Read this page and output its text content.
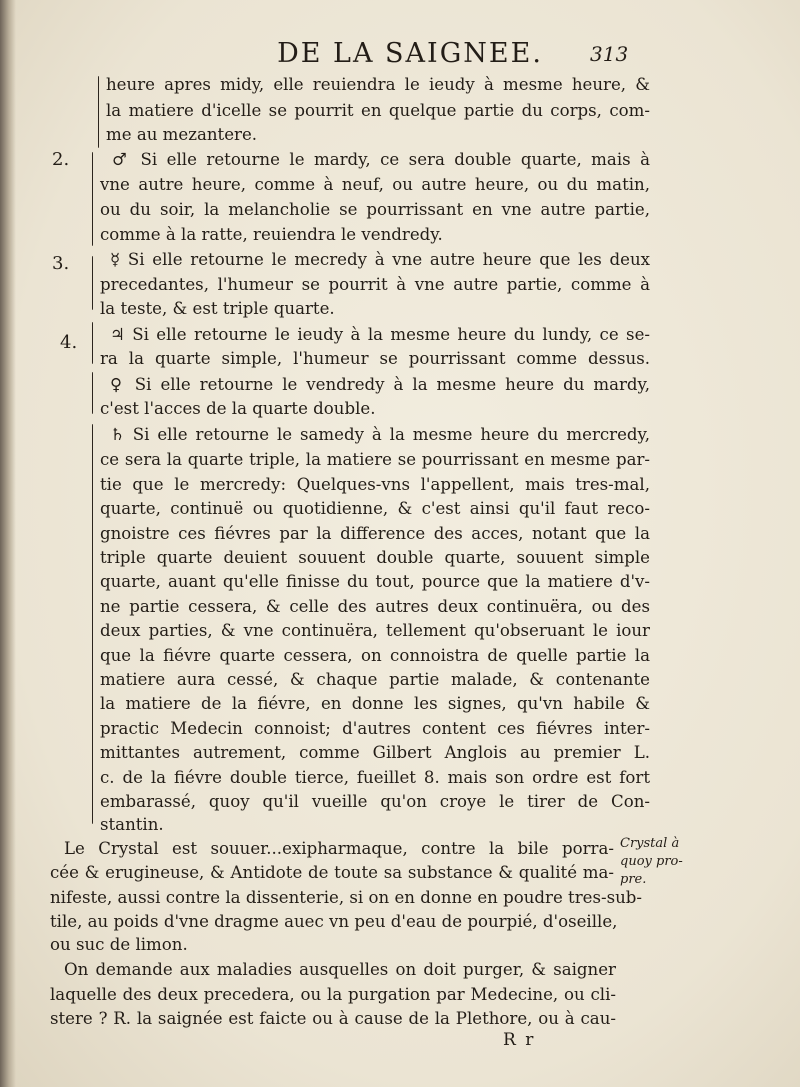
DE LA SAIGNEE.	313
2.
3.
4.
heure apres midy, elle reuiendra le ieudy à mesme heure, &
la matiere d'icelle se pourrit en quelque partie du corps, com-
me au mezantere.
♂ Si elle retourne le mardy, ce sera double quarte, mais à
vne autre heure, comme à neuf, ou autre heure, ou du matin,
ou du soir, la melancholie se pourrissant en vne autre partie,
comme à la ratte, reuiendra le vendredy.
☿ Si elle retourne le mecredy à vne autre heure que les deux
precedantes, l'humeur se pourrit à vne autre partie, comme à
la teste, & est triple quarte.
♃ Si elle retourne le ieudy à la mesme heure du lundy, ce se-
ra la quarte simple, l'humeur se pourrissant comme dessus.
♀ Si elle retourne le vendredy à la mesme heure du mardy,
c'est l'acces de la quarte double.
♄ Si elle retourne le samedy à la mesme heure du mercredy,
ce sera la quarte triple, la matiere se pourrissant en mesme par-
tie que le mercredy: Quelques-vns l'appellent, mais tres-mal,
quarte, continuë ou quotidienne, & c'est ainsi qu'il faut reco-
gnoistre ces fiévres par la difference des acces, notant que la
triple quarte deuient souuent double quarte, souuent simple
quarte, auant qu'elle finisse du tout, pource que la matiere d'v-
ne partie cessera, & celle des autres deux continuëra, ou des
deux parties, & vne continuëra, tellement qu'obseruant le iour
que la fiévre quarte cessera, on connoistra de quelle partie la
matiere aura cessé, & chaque partie malade, & contenante
la matiere de la fiévre, en donne les signes, qu'vn habile &
practic Medecin connoist; d'autres content ces fiévres inter-
mittantes autrement, comme Gilbert Anglois au premier L.
c. de la fiévre double tierce, fueillet 8. mais son ordre est fort
embarassé, quoy qu'il vueille qu'on croye le tirer de Con-
stantin.
Le Crystal est souuer...exipharmaque, contre la bile porra-
cée & erugineuse, & Antidote de toute sa substance & qualité ma-
nifeste, aussi contre la dissenterie, si on en donne en poudre tres-sub-
tile, au poids d'vne dragme auec vn peu d'eau de pourpié, d'oseille,
ou suc de limon.
On demande aux maladies ausquelles on doit purger, & saigner
laquelle des deux precedera, ou la purgation par Medecine, ou cli-
stere ? R. la saignée est faicte ou à cause de la Plethore, ou à cau-
Crystal à
quoy pro-
pre.
R r
